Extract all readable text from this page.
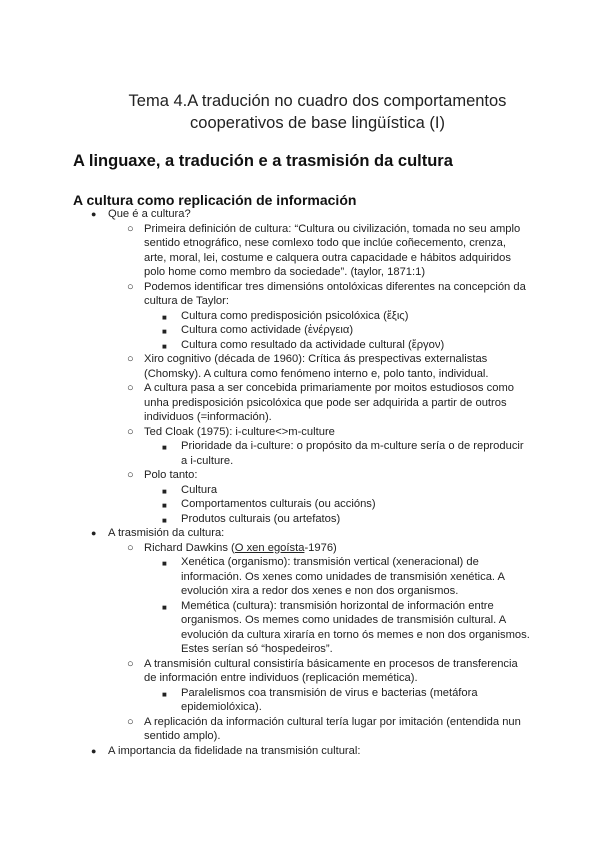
Tema 4.A tradución no cuadro dos comportamentos
cooperativos de base lingüística (I)
A linguaxe, a tradución e a trasmisión da cultura
A cultura como replicación de información
● Que é a cultura?
○ Primeira definición de cultura: “Cultura ou civilización, tomada no seu amplo
sentido etnográfico, nese comlexo todo que inclúe coñecemento, crenza,
arte, moral, lei, costume e calquera outra capacidade e hábitos adquiridos
polo home como membro da sociedade”. (taylor, 1871:1)
○ Podemos identificar tres dimensións ontolóxicas diferentes na concepción da
cultura de Taylor:
■ Cultura como predisposición psicolóxica (ἕξις)
■ Cultura como actividade (ἐνέργεια)
■ Cultura como resultado da actividade cultural (ἔργον)
○ Xiro cognitivo (década de 1960): Crítica ás prespectivas externalistas
(Chomsky). A cultura como fenómeno interno e, polo tanto, individual.
○ A cultura pasa a ser concebida primariamente por moitos estudiosos como
unha predisposición psicolóxica que pode ser adquirida a partir de outros
individuos (=información).
○ Ted Cloak (1975): i-culture<>m-culture
■ Prioridade da i-culture: o propósito da m-culture sería o de reproducir
a i-culture.
○ Polo tanto:
■ Cultura
■ Comportamentos culturais (ou accións)
■ Produtos culturais (ou artefatos)
● A trasmisión da cultura:
○ Richard Dawkins (O xen egoísta-1976)
■ Xenética (organismo): transmisión vertical (xeneracional) de
información. Os xenes como unidades de transmisión xenética. A
evolución xira a redor dos xenes e non dos organismos.
■ Memética (cultura): transmisión horizontal de información entre
organismos. Os memes como unidades de transmisión cultural. A
evolución da cultura xiraría en torno ós memes e non dos organismos.
Estes serían só “hospedeiros”.
○ A transmisión cultural consistiría básicamente en procesos de transferencia
de información entre individuos (replicación memética).
■ Paralelismos coa transmisión de virus e bacterias (metáfora
epidemiolóxica).
○ A replicación da información cultural tería lugar por imitación (entendida nun
sentido amplo).
● A importancia da fidelidade na transmisión cultural:
